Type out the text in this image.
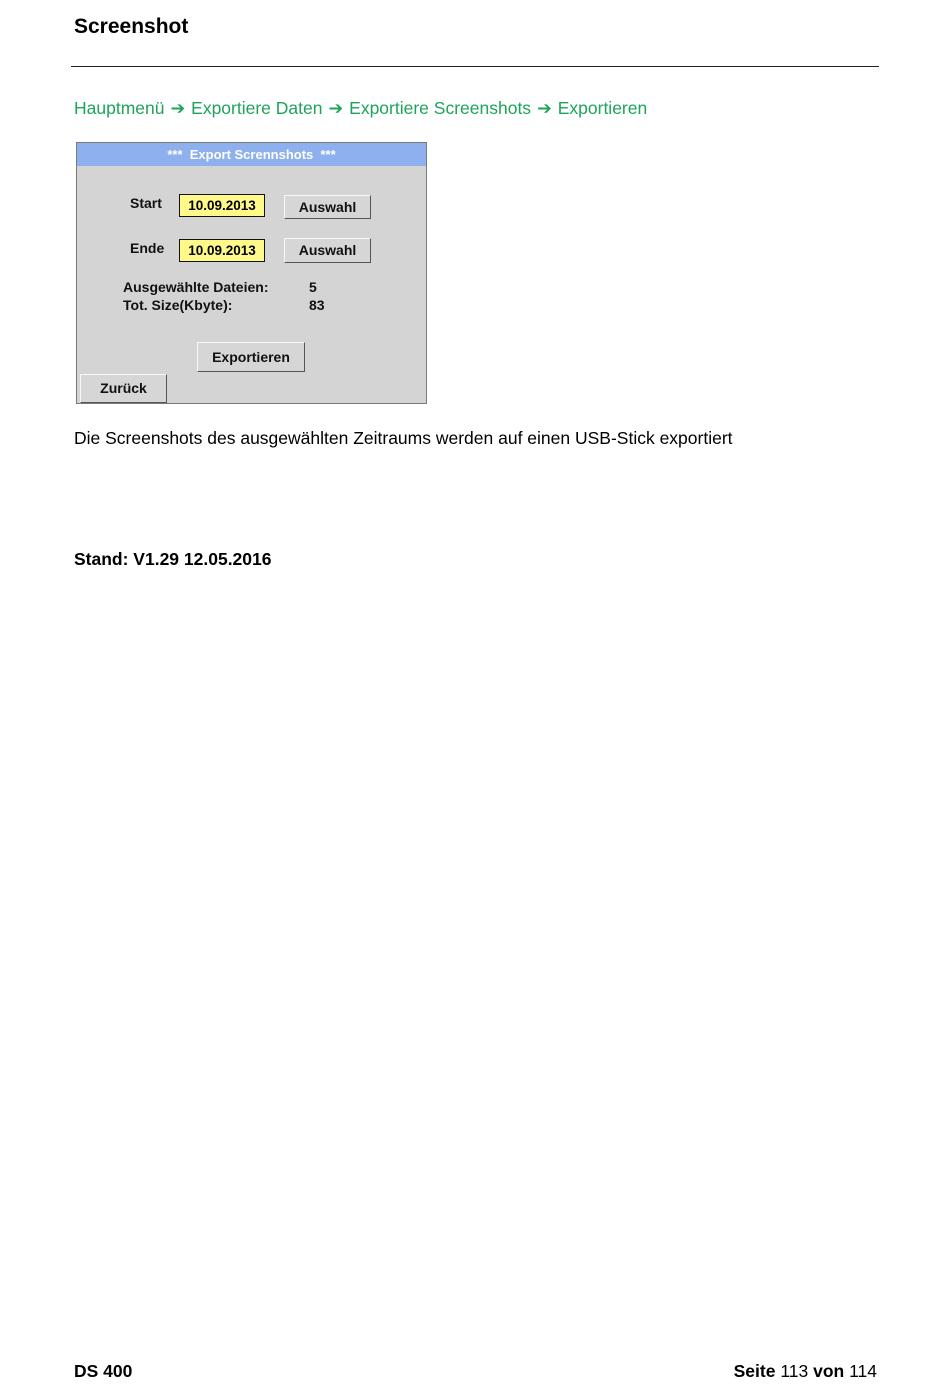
Screenshot
Hauptmenü ➔ Exportiere Daten ➔ Exportiere Screenshots ➔ Exportieren
***  Export Scrennshots  ***
Start	10.09.2013	Auswahl
Ende	10.09.2013	Auswahl
Ausgewählte Dateien:	5
Tot. Size(Kbyte):	83
Exportieren
Zurück
Die Screenshots des ausgewählten Zeitraums werden auf einen USB-Stick exportiert
Stand: V1.29 12.05.2016
DS 400	Seite 113 von 114
